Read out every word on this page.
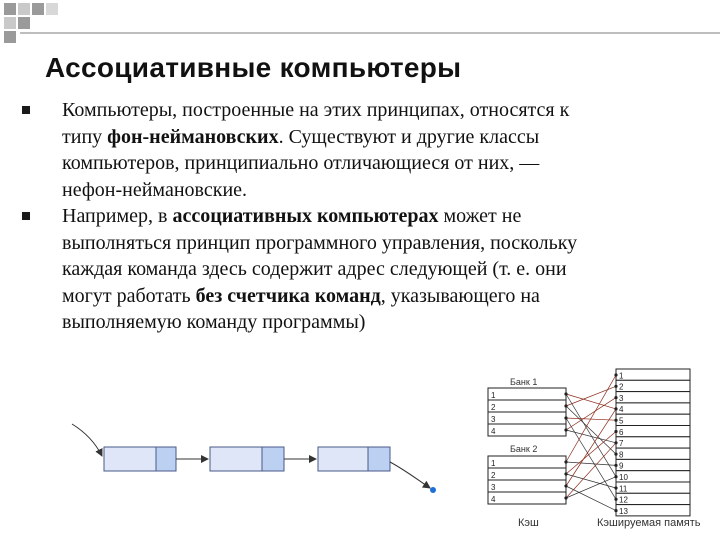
Ассоциативные компьютеры
Компьютеры, построенные на этих принципах, относятся к типу фон-неймановских. Существуют и другие классы компьютеров, принципиально отличающиеся от них, — нефон-неймановские.
Например, в ассоциативных компьютерах может не выполняться принцип программного управления, поскольку каждая команда здесь содержит адрес следующей (т. е. они могут работать без счетчика команд, указывающего на выполняемую команду программы)
Банк 1
1
2
3
4
Банк 2
1
2
3
4
1
2
3
4
5
6
7
8
9
10
11
12
13
Кэш	Кэшируемая память
